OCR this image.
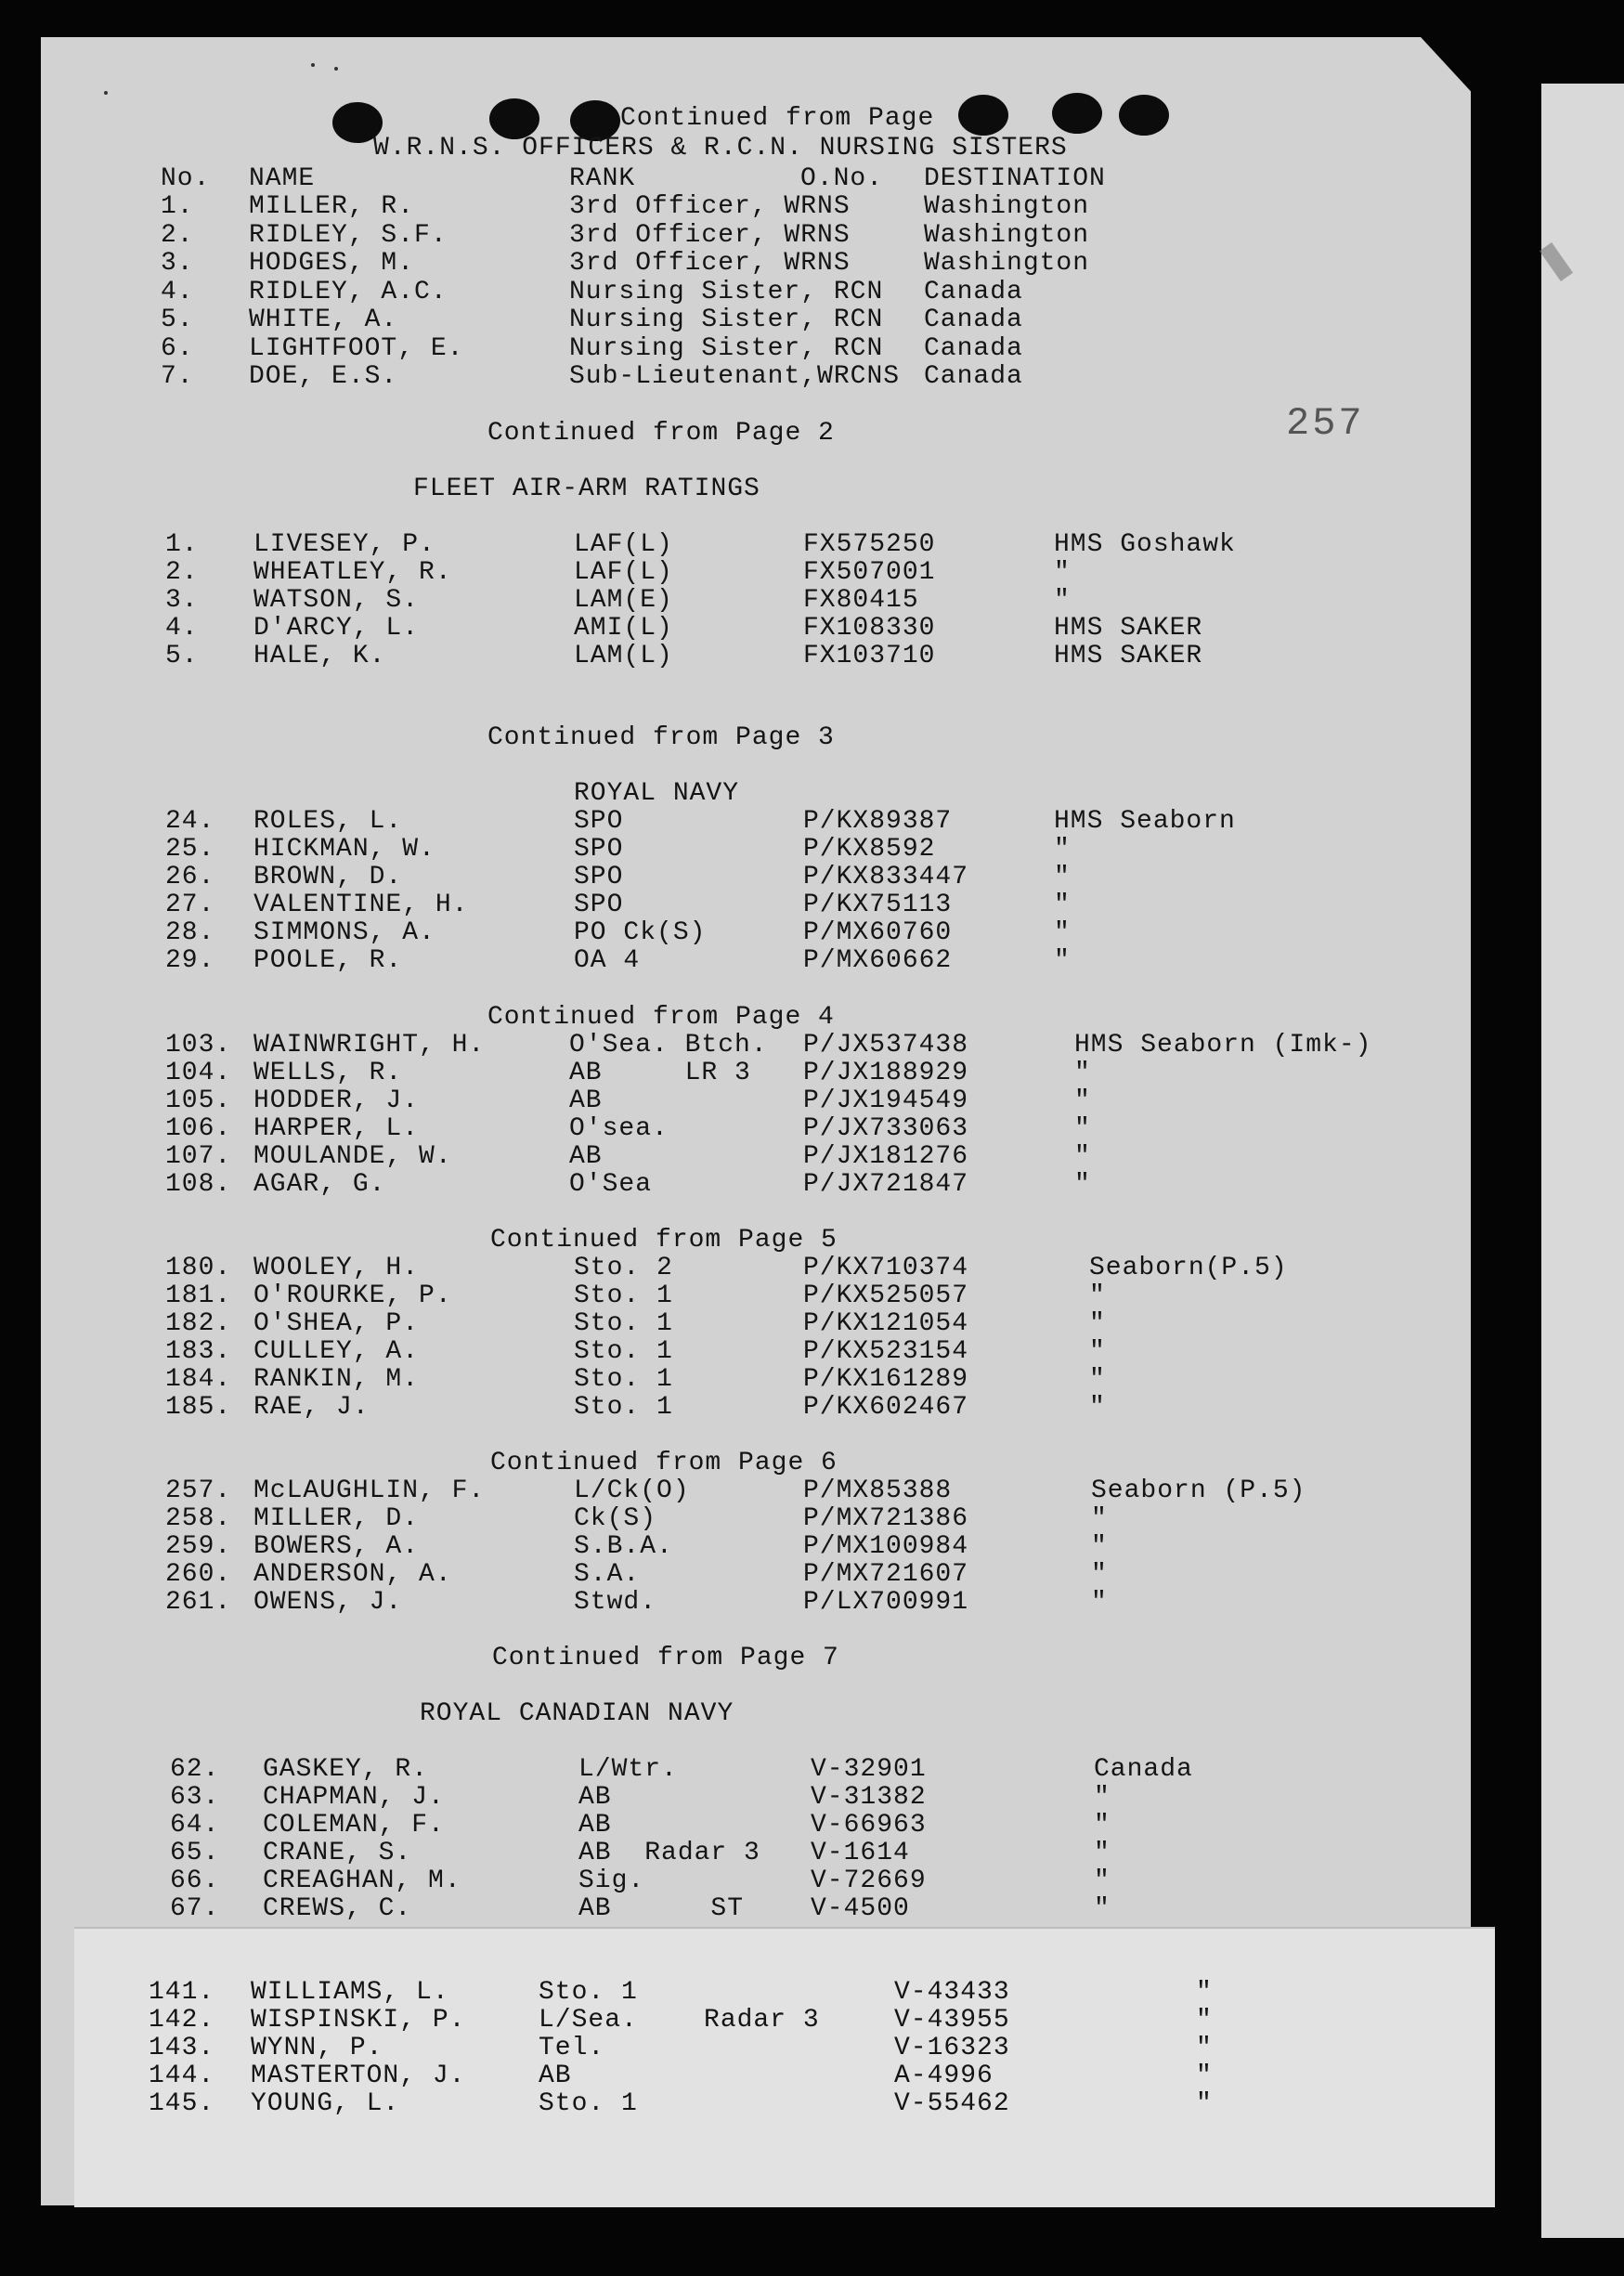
Continued from Page
W.R.N.S. OFFICERS & R.C.N. NURSING SISTERS
257
No. NAME	RANK	O.No. DESTINATION
1. MILLER, R.	3rd Officer, WRNS	Washington
2. RIDLEY, S.F.	3rd Officer, WRNS	Washington
3. HODGES, M.	3rd Officer, WRNS	Washington
4. RIDLEY, A.C.	Nursing Sister, RCN Canada
5. WHITE, A.	Nursing Sister, RCN Canada
6. LIGHTFOOT, E.	Nursing Sister, RCN Canada
7. DOE, E.S.	Sub-Lieutenant,WRCNS Canada
Continued from Page 2
FLEET AIR-ARM RATINGS
1. LIVESEY, P.	LAF(L)	FX575250	HMS Goshawk
2. WHEATLEY, R.	LAF(L)	FX507001	"
3. WATSON, S.	LAM(E)	FX80415	"
4. D'ARCY, L.	AMI(L)	FX108330	HMS SAKER
5. HALE, K.	LAM(L)	FX103710	HMS SAKER
Continued from Page 3
ROYAL NAVY
24. ROLES, L.	SPO	P/KX89387	HMS Seaborn
25. HICKMAN, W.	SPO	P/KX8592	"
26. BROWN, D.	SPO	P/KX833447	"
27. VALENTINE, H.	SPO	P/KX75113	"
28. SIMMONS, A.	PO Ck(S)	P/MX60760	"
29. POOLE, R.	OA 4	P/MX60662	"
Continued from Page 4
103. WAINWRIGHT, H.	O'Sea. Btch. P/JX537438	HMS Seaborn (Imk-)
104. WELLS, R.	AB     LR 3 P/JX188929	"
105. HODDER, J.	AB	P/JX194549	"
106. HARPER, L.	O'sea.	P/JX733063	"
107. MOULANDE, W.	AB	P/JX181276	"
108. AGAR, G.	O'Sea	P/JX721847	"
Continued from Page 5
180. WOOLEY, H.	Sto. 2	P/KX710374	Seaborn(P.5)
181. O'ROURKE, P.	Sto. 1	P/KX525057	"
182. O'SHEA, P.	Sto. 1	P/KX121054	"
183. CULLEY, A.	Sto. 1	P/KX523154	"
184. RANKIN, M.	Sto. 1	P/KX161289	"
185. RAE, J.	Sto. 1	P/KX602467	"
Continued from Page 6
257. McLAUGHLIN, F.	L/Ck(O)	P/MX85388	Seaborn (P.5)
258. MILLER, D.	Ck(S)	P/MX721386	"
259. BOWERS, A.	S.B.A.	P/MX100984	"
260. ANDERSON, A.	S.A.	P/MX721607	"
261. OWENS, J.	Stwd.	P/LX700991	"
Continued from Page 7
ROYAL CANADIAN NAVY
62. GASKEY, R.	L/Wtr.	V-32901	Canada
63. CHAPMAN, J.	AB	V-31382	"
64. COLEMAN, F.	AB	V-66963	"
65. CRANE, S.	AB  Radar 3 V-1614	"
66. CREAGHAN, M.	Sig.	V-72669	"
67. CREWS, C.	AB      ST	V-4500	"
141. WILLIAMS, L.	Sto. 1	V-43433	"
142. WISPINSKI, P.	L/Sea.    Radar 3	V-43955	"
143. WYNN, P.	Tel.	V-16323	"
144. MASTERTON, J.	AB	A-4996	"
145. YOUNG, L.	Sto. 1	V-55462	"
